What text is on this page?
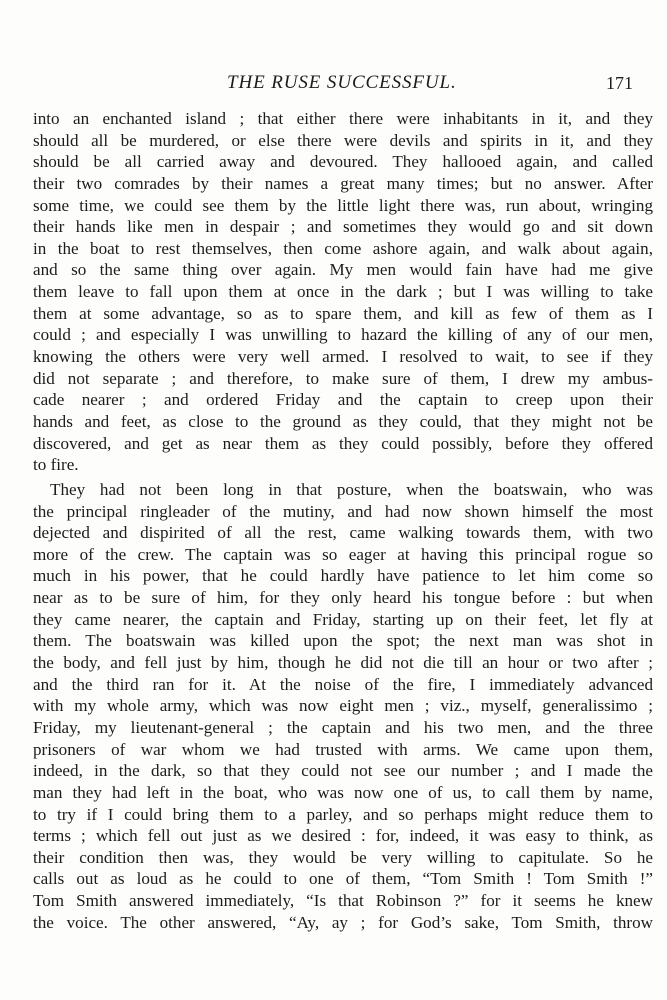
THE RUSE SUCCESSFUL.	171
into an enchanted island ; that either there were inhabitants in it, and they
should all be murdered, or else there were devils and spirits in it, and they
should be all carried away and devoured. They hallooed again, and called
their two comrades by their names a great many times; but no answer. After
some time, we could see them by the little light there was, run about, wringing
their hands like men in despair ; and sometimes they would go and sit down
in the boat to rest themselves, then come ashore again, and walk about again,
and so the same thing over again. My men would fain have had me give
them leave to fall upon them at once in the dark ; but I was willing to take
them at some advantage, so as to spare them, and kill as few of them as I
could ; and especially I was unwilling to hazard the killing of any of our men,
knowing the others were very well armed. I resolved to wait, to see if they
did not separate ; and therefore, to make sure of them, I drew my ambus-
cade nearer ; and ordered Friday and the captain to creep upon their
hands and feet, as close to the ground as they could, that they might not be
discovered, and get as near them as they could possibly, before they offered
to fire.
They had not been long in that posture, when the boatswain, who was
the principal ringleader of the mutiny, and had now shown himself the most
dejected and dispirited of all the rest, came walking towards them, with two
more of the crew. The captain was so eager at having this principal rogue so
much in his power, that he could hardly have patience to let him come so
near as to be sure of him, for they only heard his tongue before : but when
they came nearer, the captain and Friday, starting up on their feet, let fly at
them. The boatswain was killed upon the spot; the next man was shot in
the body, and fell just by him, though he did not die till an hour or two after ;
and the third ran for it. At the noise of the fire, I immediately advanced
with my whole army, which was now eight men ; viz., myself, generalissimo ;
Friday, my lieutenant-general ; the captain and his two men, and the three
prisoners of war whom we had trusted with arms. We came upon them,
indeed, in the dark, so that they could not see our number ; and I made the
man they had left in the boat, who was now one of us, to call them by name,
to try if I could bring them to a parley, and so perhaps might reduce them to
terms ; which fell out just as we desired : for, indeed, it was easy to think, as
their condition then was, they would be very willing to capitulate. So he
calls out as loud as he could to one of them, “Tom Smith ! Tom Smith !”
Tom Smith answered immediately, “Is that Robinson ?” for it seems he knew
the voice. The other answered, “Ay, ay ; for God’s sake, Tom Smith, throw
